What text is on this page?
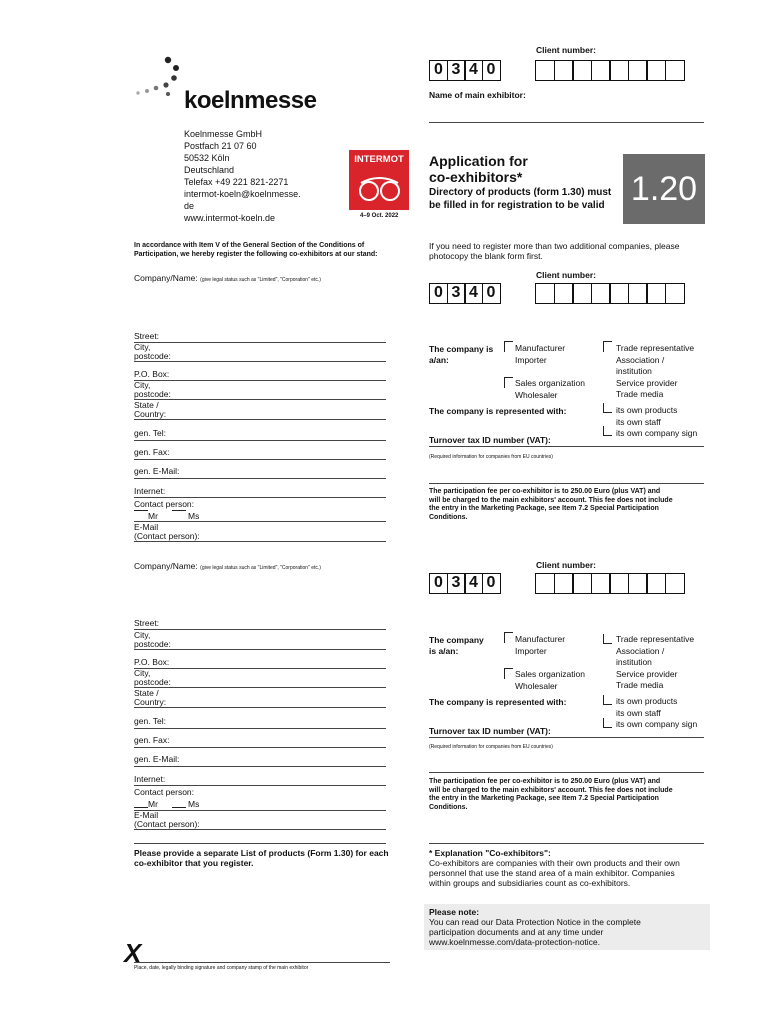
Client number:
0 3 4 0
Name of main exhibitor:
koelnmesse
Koelnmesse GmbH
Postfach 21 07 60
50532 Köln
Deutschland
Telefax +49 221 821-2271
intermot-koeln@koelnmesse.
de
www.intermot-koeln.de
INTERMOT
4–9 Oct. 2022
Application for
co-exhibitors*
Directory of products (form 1.30) must
be filled in for registration to be valid 1.20
In accordance with Item V of the General Section of the Conditions of
Participation, we hereby register the following co-exhibitors at our stand:
If you need to register more than two additional companies, please
photocopy the blank form first.
Company/Name: (give legal status such as "Limited", "Corporation" etc.)	Client number:
0 3 4 0
Street:
City,
postcode:
P.O. Box:
City,
postcode:
State /
Country:
gen. Tel:
gen. Fax:
gen. E-Mail:
Internet:
Contact person:
Mr	Ms
E-Mail
(Contact person):
The company is
a/an:
Manufacturer
Importer
Sales organization
Wholesaler
Trade representative
Association /
institution
Service provider
Trade media
The company is represented with:	its own products
its own staff
its own company sign
Turnover tax ID number (VAT):
(Required information for companies from EU countries)
The participation fee per co-exhibitor is to 250.00 Euro (plus VAT) and
will be charged to the main exhibitors' account. This fee does not include
the entry in the Marketing Package, see Item 7.2 Special Participation
Conditions.
Company/Name: (give legal status such as "Limited", "Corporation" etc.)	Client number:
0 3 4 0
Street:
City,
postcode:
P.O. Box:
City,
postcode:
State /
Country:
gen. Tel:
gen. Fax:
gen. E-Mail:
Internet:
Contact person:
Mr	Ms
E-Mail
(Contact person):
The company
is a/an:
Manufacturer
Importer
Sales organization
Wholesaler
Trade representative
Association /
institution
Service provider
Trade media
The company is represented with:	its own products
its own staff
its own company sign
Turnover tax ID number (VAT):
(Required information for companies from EU countries)
The participation fee per co-exhibitor is to 250.00 Euro (plus VAT) and
will be charged to the main exhibitors' account. This fee does not include
the entry in the Marketing Package, see Item 7.2 Special Participation
Conditions.
Please provide a separate List of products (Form 1.30) for each
co-exhibitor that you register.
* Explanation "Co-exhibitors":
Co-exhibitors are companies with their own products and their own
personnel that use the stand area of a main exhibitor. Companies
within groups and subsidiaries count as co-exhibitors.
Please note:
You can read our Data Protection Notice in the complete
participation documents and at any time under
www.koelnmesse.com/data-protection-notice.
X
Place, date, legally binding signature and company stamp of the main exhibitor
